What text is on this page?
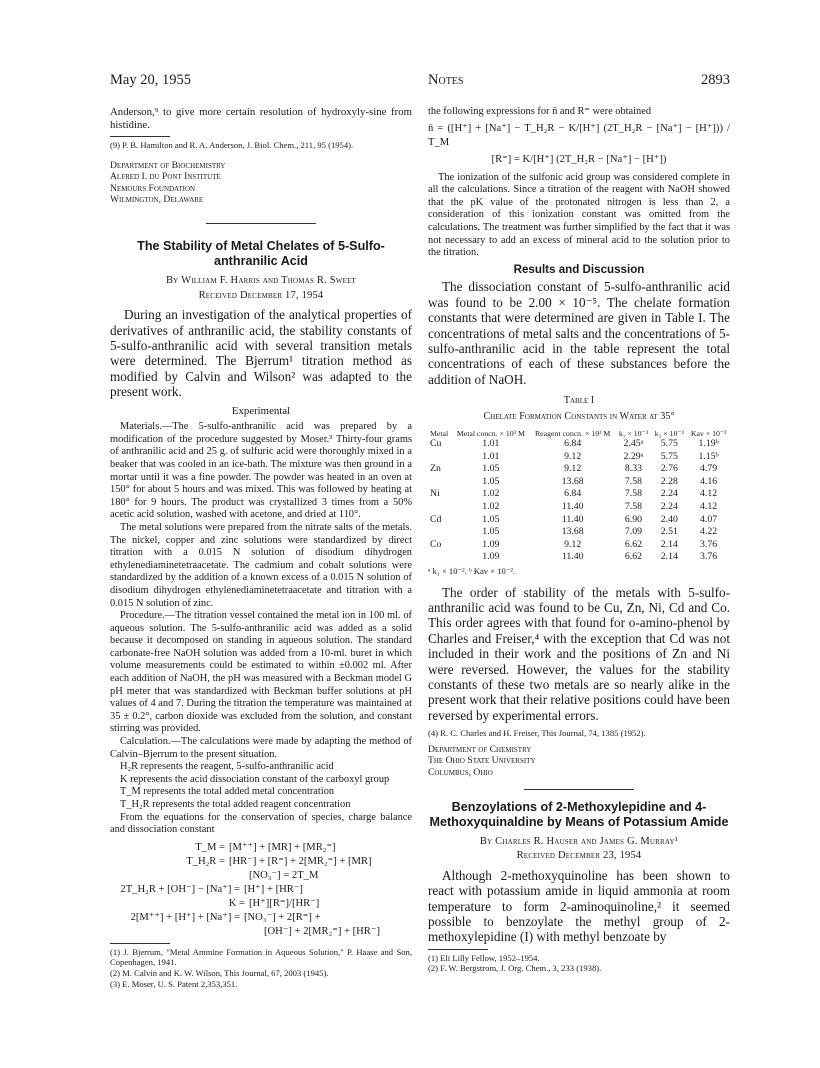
May 20, 1955	Notes	2893

Anderson,⁹ to give more certain resolution of hydroxyly-sine from histidine.

(9) P. B. Hamilton and R. A. Anderson, J. Biol. Chem., 211, 95 (1954).

Department of Biochemistry
Alfred I. du Pont Institute
Nemours Foundation
Wilmington, Delaware
The Stability of Metal Chelates of 5-Sulfo-anthranilic Acid
By William F. Harris and Thomas R. Sweet
Received December 17, 1954

During an investigation of the analytical properties of derivatives of anthranilic acid, the stability constants of 5-sulfo-anthranilic acid with several transition metals were determined. The Bjerrum¹ titration method as modified by Calvin and Wilson² was adapted to the present work.

Experimental

Materials.—The 5-sulfo-anthranilic acid was prepared by a modification of the procedure suggested by Moser.³ Thirty-four grams of anthranilic acid and 25 g. of sulfuric acid were thoroughly mixed in a beaker that was cooled in an ice-bath. The mixture was then ground in a mortar until it was a fine powder. The powder was heated in an oven at 150° for about 5 hours and was mixed. This was followed by heating at 180° for 9 hours. The product was crystallized 3 times from a 50% acetic acid solution, washed with acetone, and dried at 110°.

The metal solutions were prepared from the nitrate salts of the metals. The nickel, copper and zinc solutions were standardized by direct titration with a 0.015 N solution of disodium dihydrogen ethylenediaminetetraacetate. The cadmium and cobalt solutions were standardized by the addition of a known excess of a 0.015 N solution of disodium dihydrogen ethylenediaminetetraacetate and titration with a 0.015 N solution of zinc.

Procedure.—The titration vessel contained the metal ion in 100 ml. of aqueous solution. The 5-sulfo-anthranilic acid was added as a solid because it decomposed on standing in aqueous solution. The standard carbonate-free NaOH solution was added from a 10-ml. buret in which volume measurements could be estimated to within ±0.002 ml. After each addition of NaOH, the pH was measured with a Beckman model G pH meter that was standardized with Beckman buffer solutions at pH values of 4 and 7. During the titration the temperature was maintained at 35 ± 0.2°, carbon dioxide was excluded from the solution, and constant stirring was provided.

Calculation.—The calculations were made by adapting the method of Calvin–Bjerrum to the present situation.

H₂R represents the reagent, 5-sulfo-anthranilic acid

K represents the acid dissociation constant of the carboxyl group

T_M represents the total added metal concentration

T_H₂R represents the total added reagent concentration

From the equations for the conservation of species, charge balance and dissociation constant

T_M = [M⁺⁺] + [MR] + [MR₂⁼]
T_H₂R = [HR⁻] + [R⁼] + 2[MR₂⁼] + [MR]
[NO₃⁻] = 2T_M
2T_H₂R + [OH⁻] − [Na⁺] = [H⁺] + [HR⁻]
K = [H⁺][R⁼]/[HR⁻]
2[M⁺⁺] + [H⁺] + [Na⁺] = [NO₃⁻] + 2[R⁼] +
[OH⁻] + 2[MR₂⁼] + [HR⁻]

(1) J. Bjerrum, "Metal Ammine Formation in Aqueous Solution," P. Haase and Son, Copenhagen, 1941.

(2) M. Calvin and K. W. Wilson, This Journal, 67, 2003 (1945).

(3) E. Moser, U. S. Patent 2,353,351.

the following expressions for n̄ and R⁼ were obtained

n̄ = ([H⁺] + [Na⁺] − T_H₂R − K/[H⁺] (2T_H₂R − [Na⁺] − [H⁺])) / T_M

[R⁼] = K/[H⁺] (2T_H₂R − [Na⁺] − [H⁺])

The ionization of the sulfonic acid group was considered complete in all the calculations. Since a titration of the reagent with NaOH showed that the pK value of the protonated nitrogen is less than 2, a consideration of this ionization constant was omitted from the calculations. The treatment was further simplified by the fact that it was not necessary to add an excess of mineral acid to the solution prior to the titration.

Results and Discussion

The dissociation constant of 5-sulfo-anthranilic acid was found to be 2.00 × 10⁻⁵. The chelate formation constants that were determined are given in Table I. The concentrations of metal salts and the concentrations of 5-sulfo-anthranilic acid in the table represent the total concentrations of each of these substances before the addition of NaOH.

Table I
Chelate Formation Constants in Water at 35°
Metal	Metal concn. × 10³ M	Reagent concn. × 10³ M	k₁ × 10⁻³	k₂ × 10⁻³	Kav × 10⁻³
Cu	1.01	6.84	2.45ᵃ	5.75	1.19ᵇ
	1.01	9.12	2.29ᵃ	5.75	1.15ᵇ
Zn	1.05	9.12	8.33	2.76	4.79
	1.05	13.68	7.58	2.28	4.16
Ni	1.02	6.84	7.58	2.24	4.12
	1.02	11.40	7.58	2.24	4.12
Cd	1.05	11.40	6.90	2.40	4.07
	1.05	13.68	7.09	2.51	4.22
Co	1.09	9.12	6.62	2.14	3.76
	1.09	11.40	6.62	2.14	3.76

ᵃ k₁ × 10⁻². ᵇ Kav × 10⁻².

The order of stability of the metals with 5-sulfo-anthranilic acid was found to be Cu, Zn, Ni, Cd and Co. This order agrees with that found for o-amino-phenol by Charles and Freiser,⁴ with the exception that Cd was not included in their work and the positions of Zn and Ni were reversed. However, the values for the stability constants of these two metals are so nearly alike in the present work that their relative positions could have been reversed by experimental errors.

(4) R. C. Charles and H. Freiser, This Journal, 74, 1385 (1952).

Department of Chemistry
The Ohio State University
Columbus, Ohio
Benzoylations of 2-Methoxylepidine and 4-Methoxyquinaldine by Means of Potassium Amide
By Charles R. Hauser and James G. Murray¹
Received December 23, 1954

Although 2-methoxyquinoline has been shown to react with potassium amide in liquid ammonia at room temperature to form 2-aminoquinoline,² it seemed possible to benzoylate the methyl group of 2-methoxylepidine (I) with methyl benzoate by

(1) Eli Lilly Fellow, 1952–1954.

(2) F. W. Bergstrom, J. Org. Chem., 3, 233 (1938).
